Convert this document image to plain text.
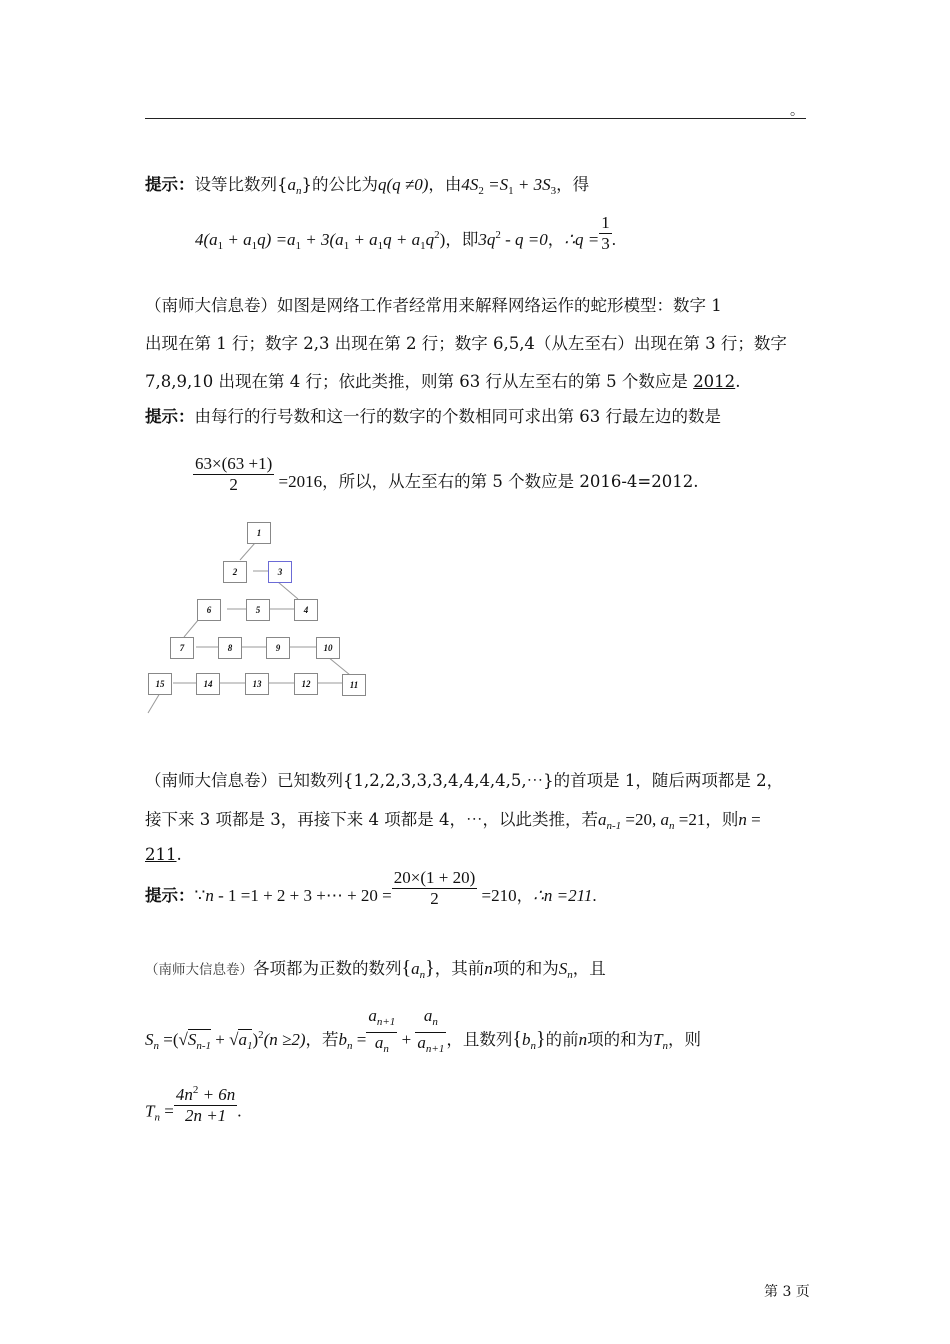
。
提示：设等比数列$\{a_n\}$的公比为q(q ≠0)，由$4S_2 =S_1 + 3S_3$，得
$4(a_1 + a_1q) =a_1 + 3(a_1 + a_1q + a_1q^2)$，即$3q^2 - q =0$，∴q = $\frac{1}{3}$ .
（南师大信息卷）如图是网络工作者经常用来解释网络运作的蛇形模型：数字 1
出现在第 1 行；数字 2,3 出现在第 2 行；数字 6,5,4（从左至右）出现在第 3 行；数字
7,8,9,10 出现在第 4 行；依此类推，则第 63 行从左至右的第 5 个数应是 2012.
提示：由每行的行号数和这一行的数字的个数相同可求出第 63 行最左边的数是
$\frac{63\times(63 +1)}{2} =2016$，所以，从左至右的第 5 个数应是 2016-4=2012.
1
2	3
6	5	4
7	8	9	10
15	14	13	12	11
（南师大信息卷）已知数列{1,2,2,3,3,3,4,4,4,4,5,⋯}的首项是 1，随后两项都是 2，
接下来 3 项都是 3，再接下来 4 项都是 4，⋯，以此类推，若$a_{n-1} =20$, $a_n =21$，则n =
211.
提示：∵n - 1 =1 + 2 + 3 +⋯ + $20 = \frac{20\times(1 + 20)}{2} =210$，∴n =211.
（南师大信息卷）各项都为正数的数列$\{a_n\}$，其前n项的和为$S_n$，且
$S_n =(√S_{n-1} + √a_1)^2(n \ge 2)$，若$b_n = \frac{a_{n+1}}{a_n} + \frac{a_n}{a_{n+1}}$ ，且数列$\{b_n\}$的前n项的和为$T_n$，则
$T_n = \frac{4n^2 + 6n}{2n +1}$ .
第 3 页
